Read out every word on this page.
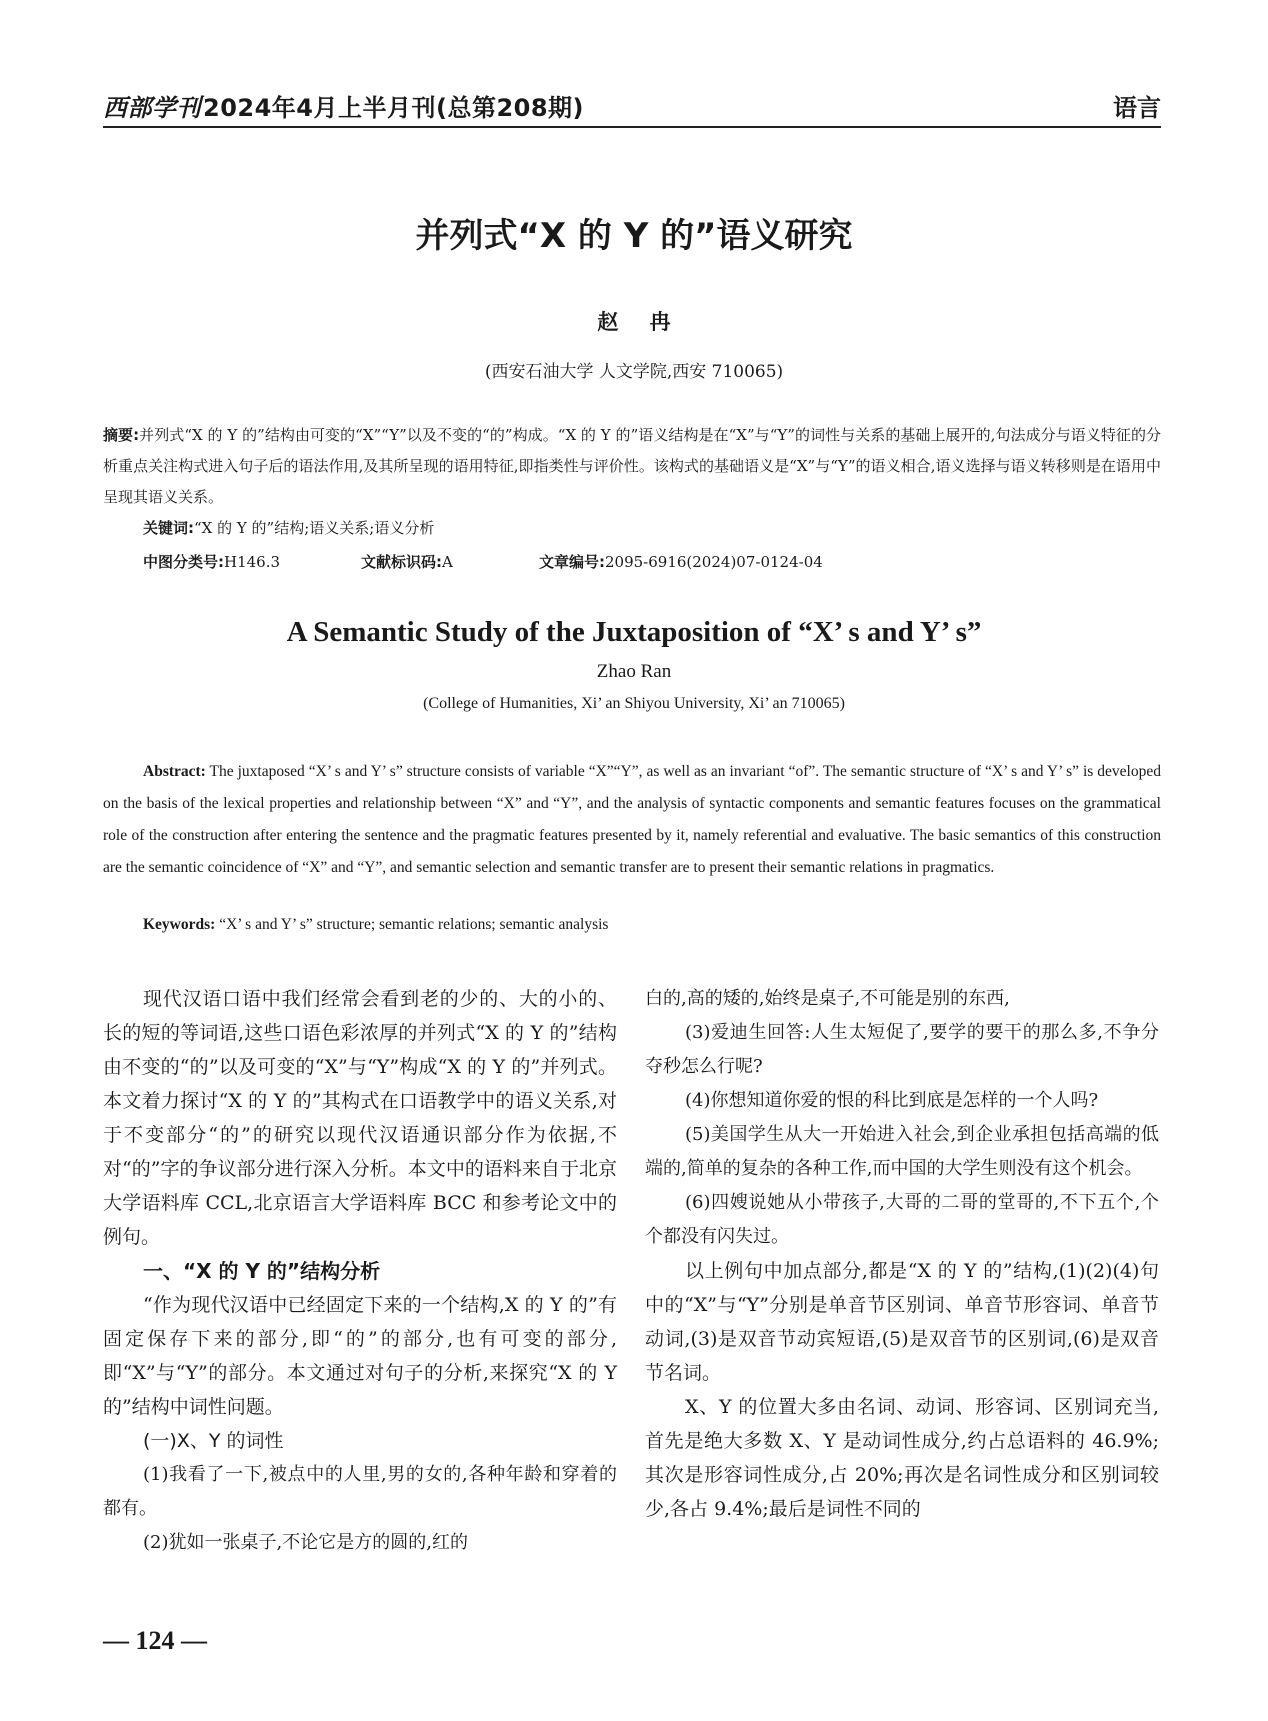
西部学刊2024年4月上半月刊(总第208期)	语言
并列式“X 的 Y 的”语义研究
赵 冉
(西安石油大学 人文学院,西安 710065)
摘要:并列式“X 的 Y 的”结构由可变的“X”“Y”以及不变的“的”构成。“X 的 Y 的”语义结构是在“X”与“Y”的词性与关系的基础上展开的,句法成分与语义特征的分析重点关注构式进入句子后的语法作用,及其所呈现的语用特征,即指类性与评价性。该构式的基础语义是“X”与“Y”的语义相合,语义选择与语义转移则是在语用中呈现其语义关系。
关键词:“X 的 Y 的”结构;语义关系;语义分析
中图分类号:H146.3	文献标识码:A	文章编号:2095-6916(2024)07-0124-04
A Semantic Study of the Juxtaposition of “X’ s and Y’ s”
Zhao Ran
(College of Humanities, Xi’ an Shiyou University, Xi’ an 710065)
Abstract: The juxtaposed “X’ s and Y’ s” structure consists of variable “X”“Y”, as well as an invariant “of”. The semantic structure of “X’ s and Y’ s” is developed on the basis of the lexical properties and relationship between “X” and “Y”, and the analysis of syntactic components and semantic features focuses on the grammatical role of the construction after entering the sentence and the pragmatic features presented by it, namely referential and evaluative. The basic semantics of this construction are the semantic coincidence of “X” and “Y”, and semantic selection and semantic transfer are to present their semantic relations in pragmatics.
Keywords: “X’ s and Y’ s” structure; semantic relations; semantic analysis

现代汉语口语中我们经常会看到老的少的、大的小的、长的短的等词语,这些口语色彩浓厚的并列式“X 的 Y 的”结构由不变的“的”以及可变的“X”与“Y”构成“X 的 Y 的”并列式。本文着力探讨“X 的 Y 的”其构式在口语教学中的语义关系,对于不变部分“的”的研究以现代汉语通识部分作为依据,不对“的”字的争议部分进行深入分析。本文中的语料来自于北京大学语料库 CCL,北京语言大学语料库 BCC 和参考论文中的例句。

一、“X 的 Y 的”结构分析

“作为现代汉语中已经固定下来的一个结构,X 的 Y 的”有固定保存下来的部分,即“的”的部分,也有可变的部分,即“X”与“Y”的部分。本文通过对句子的分析,来探究“X 的 Y 的”结构中词性问题。

(一)X、Y 的词性

(1)我看了一下,被点中的人里,男的女的,各种年龄和穿着的都有。

(2)犹如一张桌子,不论它是方的圆的,红的

白的,高的矮的,始终是桌子,不可能是别的东西,

(3)爱迪生回答:人生太短促了,要学的要干的那么多,不争分夺秒怎么行呢?

(4)你想知道你爱的恨的科比到底是怎样的一个人吗?

(5)美国学生从大一开始进入社会,到企业承担包括高端的低端的,简单的复杂的各种工作,而中国的大学生则没有这个机会。

(6)四嫂说她从小带孩子,大哥的二哥的堂哥的,不下五个,个个都没有闪失过。

以上例句中加点部分,都是“X 的 Y 的”结构,(1)(2)(4)句中的“X”与“Y”分别是单音节区别词、单音节形容词、单音节动词,(3)是双音节动宾短语,(5)是双音节的区别词,(6)是双音节名词。

X、Y 的位置大多由名词、动词、形容词、区别词充当,首先是绝大多数 X、Y 是动词性成分,约占总语料的 46.9%;其次是形容词性成分,占 20%;再次是名词性成分和区别词较少,各占 9.4%;最后是词性不同的

— 124 —
